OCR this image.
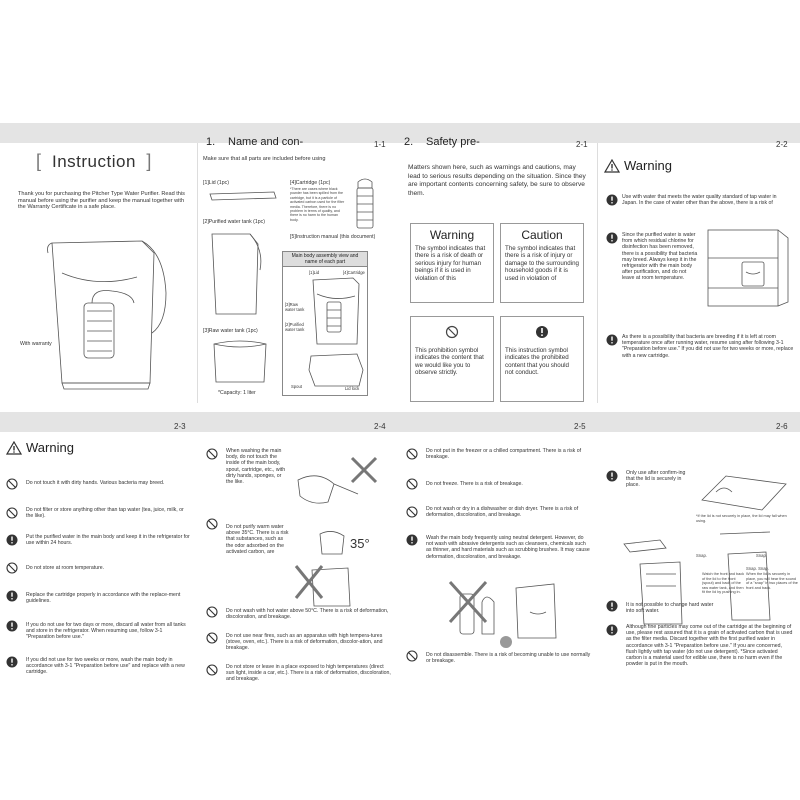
[ Instruction ]
Thank you for purchasing the Pitcher Type Water Purifier. Read this manual before using the purifier and keep the manual together with the Warranty Certificate in a safe place.
With warranty
1. Name and con-	1-1
Make sure that all parts are included before using
[1]Lid (1pc)	[4]Cartridge (1pc)
*There are cases where black powder has been spilled from the cartridge, but it is a particle of activated carbon used for the filter media. Therefore, there is no problem in terms of quality, and there is no harm to the human body.
[2]Purified water tank (1pc)
[5]Instruction manual (this document)
Main body assembly view and name of each part
[1]Lid	[4]Cartridge
[3]Raw water tank
[2]Purified water tank
Spout	Lid lock
[3]Raw water tank (1pc)
*Capacity: 1 liter
2. Safety pre-	2-1
Matters shown here, such as warnings and cautions, may lead to serious results depending on the situation. Since they are important contents concerning safety, be sure to observe them.
Warning
The symbol indicates that there is a risk of death or serious injury for human beings if it is used in violation of this
Caution
The symbol indicates that there is a risk of injury or damage to the surrounding household goods if it is used in violation of
This prohibition symbol indicates the content that we would like you to observe strictly.
This instruction symbol indicates the prohibited content that you should not conduct.
2-2
Warning
Use with water that meets the water quality standard of tap water in Japan. In the case of water other than the above, there is a risk of
Since the purified water is water from which residual chlorine for disinfection has been removed, there is a possibility that bacteria may breed. Always keep it in the refrigerator with the main body after purification, and do not leave at room temperature.
As there is a possibility that bacteria are breeding if it is left at room temperature once after running water, resume using after following 3-1 "Preparation before use." If you did not use for two weeks or more, replace with a new cartridge.
2-3
Warning
Do not touch it with dirty hands. Various bacteria may breed.
Do not filter or store anything other than tap water (tea, juice, milk, or the like).
Put the purified water in the main body and keep it in the refrigerator for use within 24 hours.
Do not store at room temperature.
Replace the cartridge properly in accordance with the replace-ment guidelines.
If you do not use for two days or more, discard all water from all tanks and store in the refrigerator. When resuming use, follow 3-1 "Preparation before use."
If you did not use for two weeks or more, wash the main body in accordance with 3-1 "Preparation before use" and replace with a new cartridge.
2-4
When washing the main body, do not touch the inside of the main body, spout, cartridge, etc., with dirty hands, sponges, or the like.
Do not purify warm water above 35°C. There is a risk that substances, such as the odor adsorbed on the activated carbon, are
35°
Do not wash with hot water above 50°C. There is a risk of deformation, discoloration, and breakage.
Do not use near fires, such as an apparatus with high tempera-tures (stove, oven, etc.). There is a risk of deformation, discolor-ation, and breakage.
Do not store or leave in a place exposed to high temperatures (direct sun light, inside a car, etc.). There is a risk of deformation, discoloration, and breakage.
2-5
Do not put in the freezer or a chilled compartment. There is a risk of breakage.
Do not freeze. There is a risk of breakage.
Do not wash or dry in a dishwasher or dish dryer. There is a risk of deformation, discoloration, and breakage.
Wash the main body frequently using neutral detergent. However, do not wash with abrasive detergents such as cleansers, chemicals such as thinner, and hard materials such as scrubbing brushes. It may cause deformation, discoloration, and breakage.
Do not disassemble. There is a risk of becoming unable to use normally or breakage.
2-6
Only use after confirm-ing that the lid is securely in place.
*If the lid is not securely in place, the lid may fall when using.
Snap.	Snap.
Snap. Snap.
Watch the front and back of the lid to the front (spout) and back of the raw water tank, and then fit the lid by pushing in.
When the lid is securely in place, you will hear the sound of a "snap" in two places of the front and back.
It is not possible to change hard water into soft water.
Although fine particles may come out of the cartridge at the beginning of use, please rest assured that it is a grain of activated carbon that is used as the filter media. Discard together with the first purified water in accordance with 3-1 "Preparation before use." If you are concerned, flush lightly with tap water (do not use detergent). *Since activated carbon is a material used for edible use, there is no harm even if the powder is put in the mouth.
